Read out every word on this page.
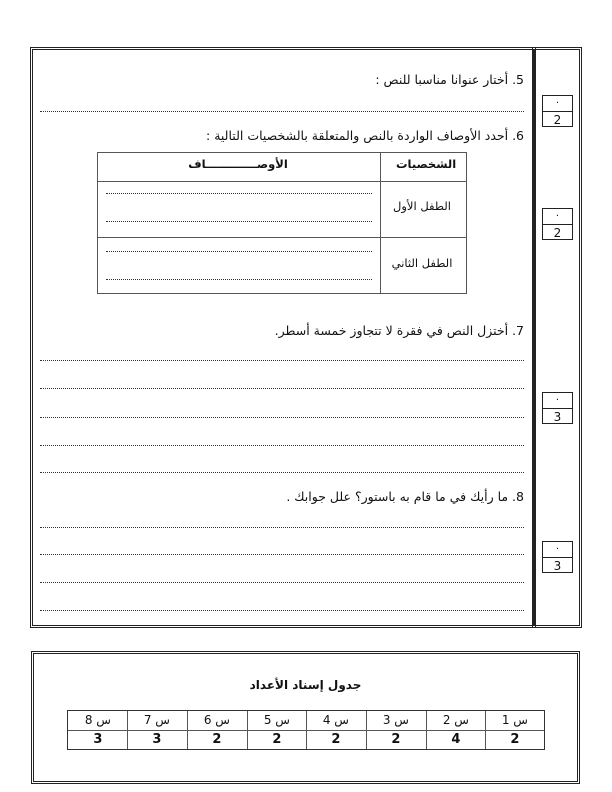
5. أختار عنوانا مناسبا للنص :
6. أحدد الأوصاف الواردة بالنص والمتعلقة بالشخصيات التالية :
الشخصيات
الأوصـــــــــــــاف
الطفل الأول
الطفل الثاني
7. أختزل النص في فقرة لا تتجاوز خمسة أسطر.
8. ما رأيك في ما قام به باستور؟ علل جوابك .
.
2
.
2
.
3
.
3
جدول إسناد الأعداد
س 1
س 2
س 3
س 4
س 5
س 6
س 7
س 8
2
4
2
2
2
2
3
3
